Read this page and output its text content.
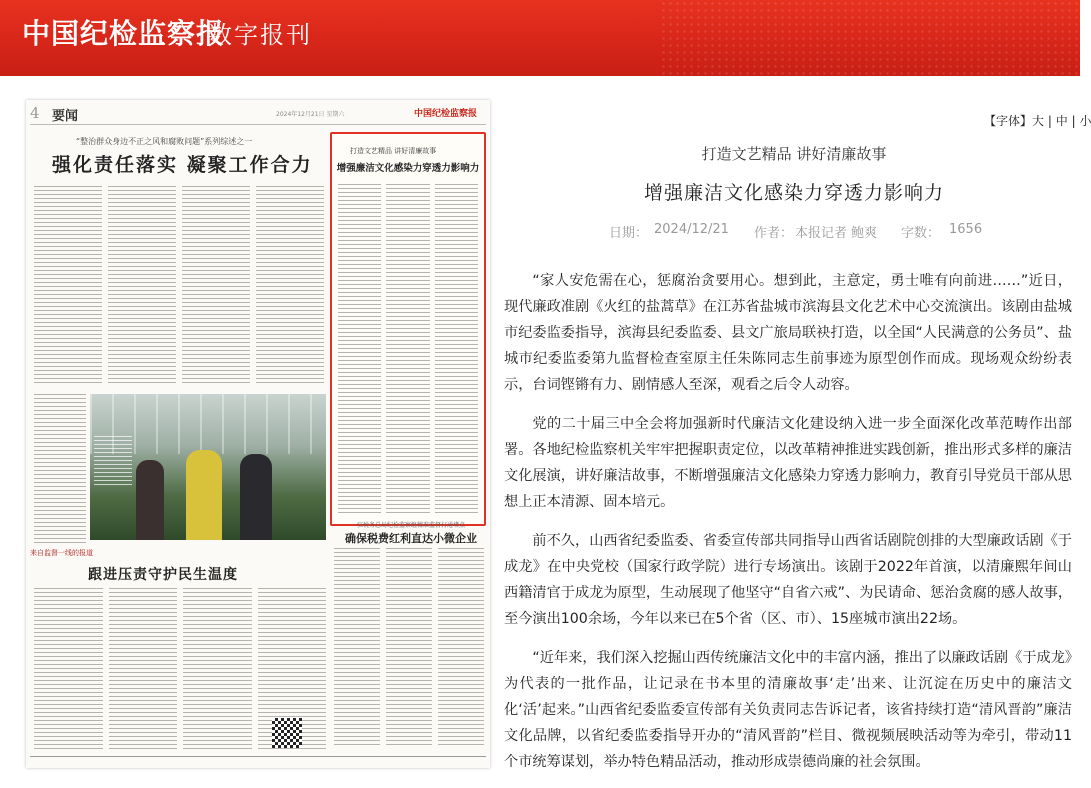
中国纪检监察报
数字报刊
4 要闻	2024年12月21日 星期六	中国纪检监察报
“整治群众身边不正之风和腐败问题”系列综述之一
强化责任落实 凝聚工作合力
打造文艺精品 讲好清廉故事
增强廉洁文化感染力穿透力影响力
驻税务总局纪检监察组精准监督打通堵点
确保税费红利直达小微企业
来自监督一线的报道
跟进压责守护民生温度
【字体】大 | 中 | 小
打造文艺精品 讲好清廉故事
增强廉洁文化感染力穿透力影响力
日期： 2024/12/21 作者： 本报记者 鲍爽 字数： 1656

“家人安危需在心，惩腐治贪要用心。想到此，主意定，勇士唯有向前进……”近日，现代廉政准剧《火红的盐蒿草》在江苏省盐城市滨海县文化艺术中心交流演出。该剧由盐城市纪委监委指导，滨海县纪委监委、县文广旅局联袂打造，以全国“人民满意的公务员”、盐城市纪委监委第九监督检查室原主任朱陈同志生前事迹为原型创作而成。现场观众纷纷表示，台词铿锵有力、剧情感人至深，观看之后令人动容。

党的二十届三中全会将加强新时代廉洁文化建设纳入进一步全面深化改革范畴作出部署。各地纪检监察机关牢牢把握职责定位，以改革精神推进实践创新，推出形式多样的廉洁文化展演，讲好廉洁故事，不断增强廉洁文化感染力穿透力影响力，教育引导党员干部从思想上正本清源、固本培元。

前不久，山西省纪委监委、省委宣传部共同指导山西省话剧院创排的大型廉政话剧《于成龙》在中央党校（国家行政学院）进行专场演出。该剧于2022年首演，以清廉熙年间山西籍清官于成龙为原型，生动展现了他坚守“自省六戒”、为民请命、惩治贪腐的感人故事，至今演出100余场，今年以来已在5个省（区、市）、15座城市演出22场。

“近年来，我们深入挖掘山西传统廉洁文化中的丰富内涵，推出了以廉政话剧《于成龙》为代表的一批作品，让记录在书本里的清廉故事‘走’出来、让沉淀在历史中的廉洁文化‘活’起来。”山西省纪委监委宣传部有关负责同志告诉记者，该省持续打造“清风晋韵”廉洁文化品牌，以省纪委监委指导开办的“清风晋韵”栏目、微视频展映活动等为牵引，带动11个市统筹谋划，举办特色精品活动，推动形成崇德尚廉的社会氛围。
